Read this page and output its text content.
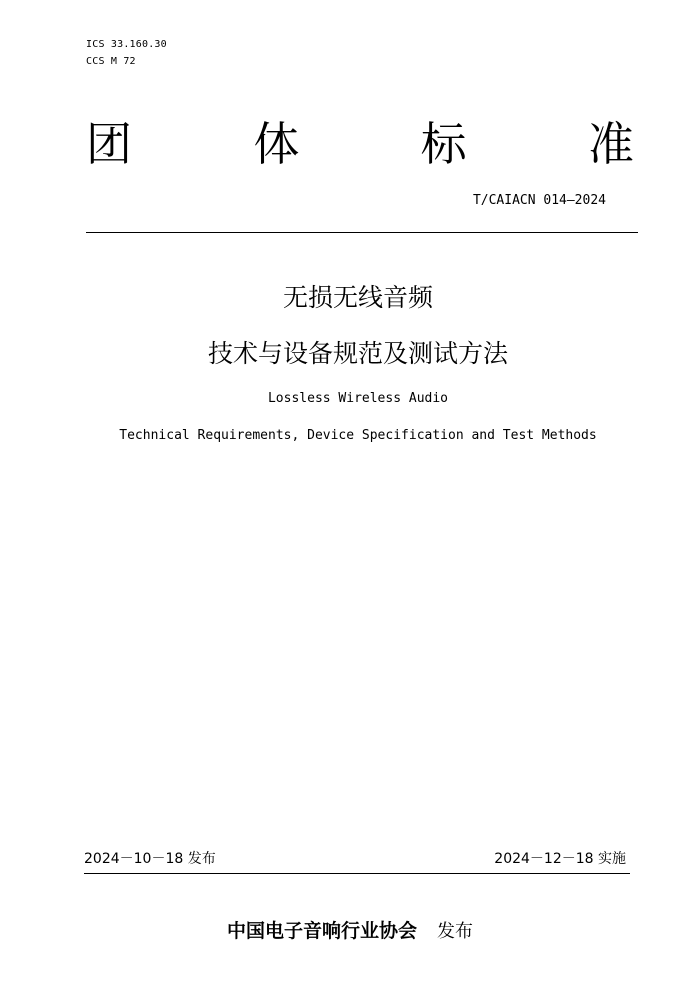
ICS 33.160.30
CCS M 72
团	体	标	准
T/CAIACN 014—2024
无损无线音频
技术与设备规范及测试方法
Lossless Wireless Audio
Technical Requirements, Device Specification and Test Methods
2024－10－18 发布	2024－12－18 实施
中国电子音响行业协会 发布
